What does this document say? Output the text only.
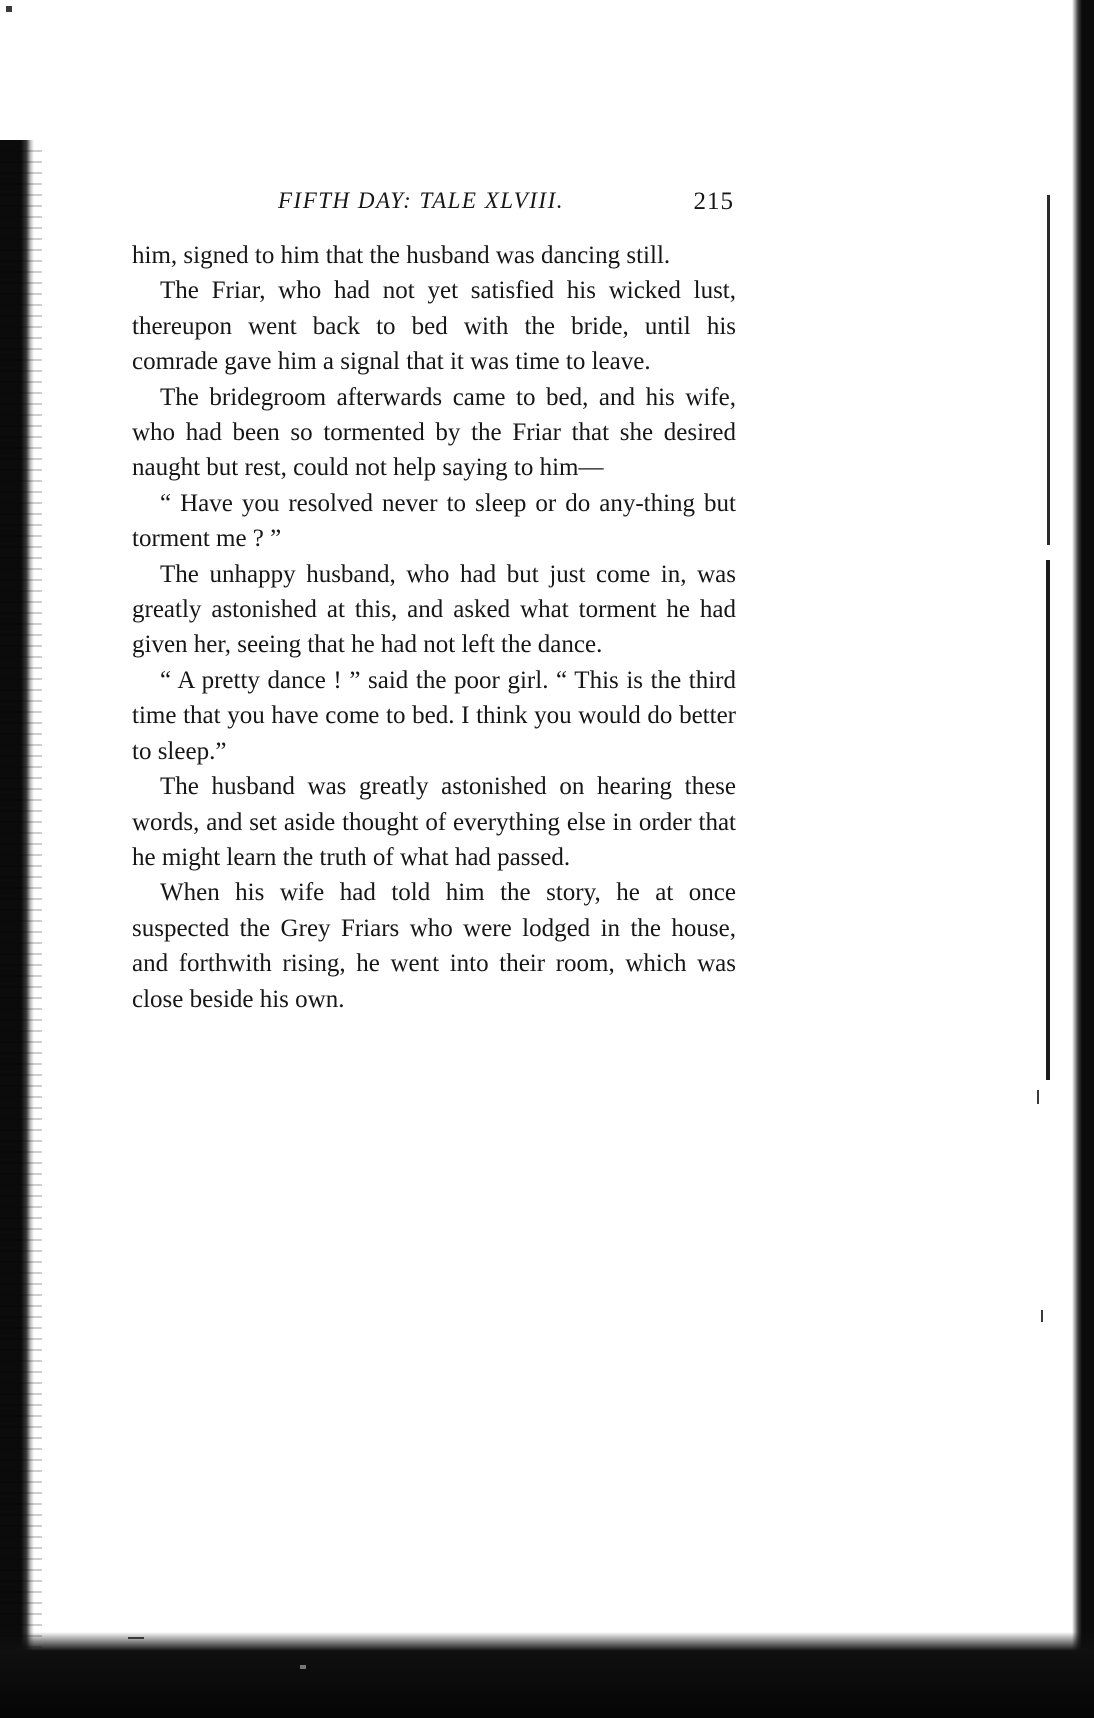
FIFTH DAY: TALE XLVIII.	215

him, signed to him that the husband was dancing still.

The Friar, who had not yet satisfied his wicked lust, thereupon went back to bed with the bride, until his comrade gave him a signal that it was time to leave.

The bridegroom afterwards came to bed, and his wife, who had been so tormented by the Friar that she desired naught but rest, could not help saying to him—

“ Have you resolved never to sleep or do any-thing but torment me ? ”

The unhappy husband, who had but just come in, was greatly astonished at this, and asked what torment he had given her, seeing that he had not left the dance.

“ A pretty dance ! ” said the poor girl. “ This is the third time that you have come to bed. I think you would do better to sleep.”

The husband was greatly astonished on hearing these words, and set aside thought of everything else in order that he might learn the truth of what had passed.

When his wife had told him the story, he at once suspected the Grey Friars who were lodged in the house, and forthwith rising, he went into their room, which was close beside his own.
